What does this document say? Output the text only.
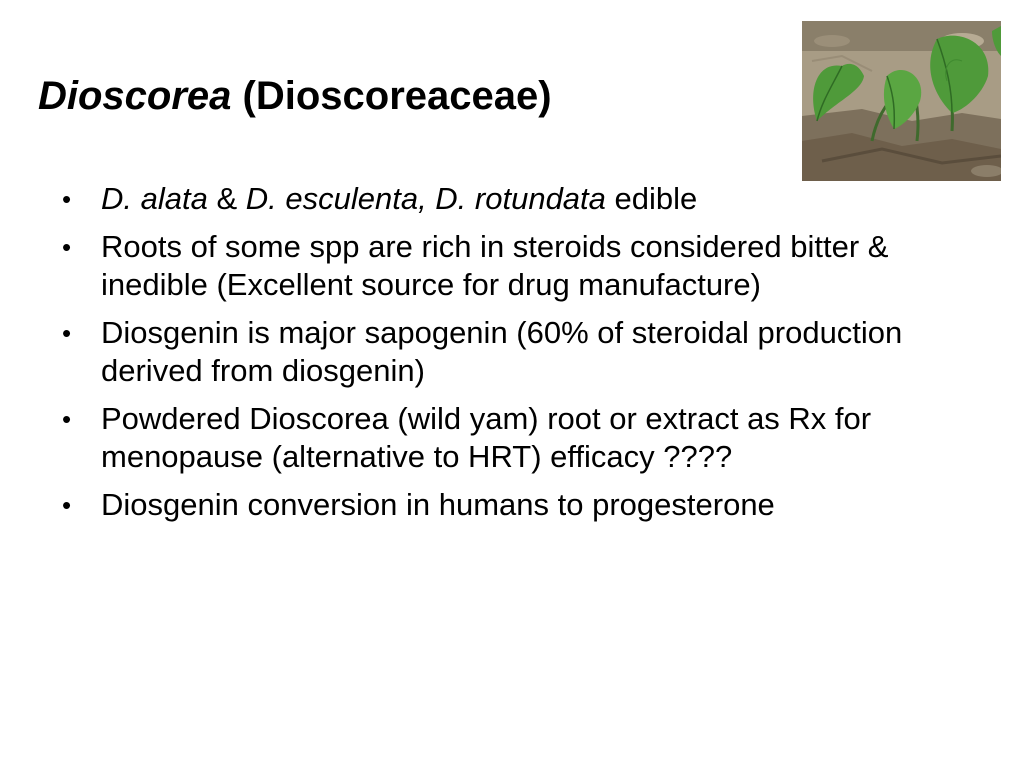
Dioscorea (Dioscoreaceae)
• D. alata & D. esculenta, D. rotundata edible
• Roots of some spp are rich in steroids considered bitter & inedible (Excellent source for drug manufacture)
• Diosgenin is major sapogenin (60% of steroidal production derived from diosgenin)
• Powdered Dioscorea (wild yam) root or extract as Rx for menopause (alternative to HRT) efficacy ????
• Diosgenin conversion in humans to progesterone
